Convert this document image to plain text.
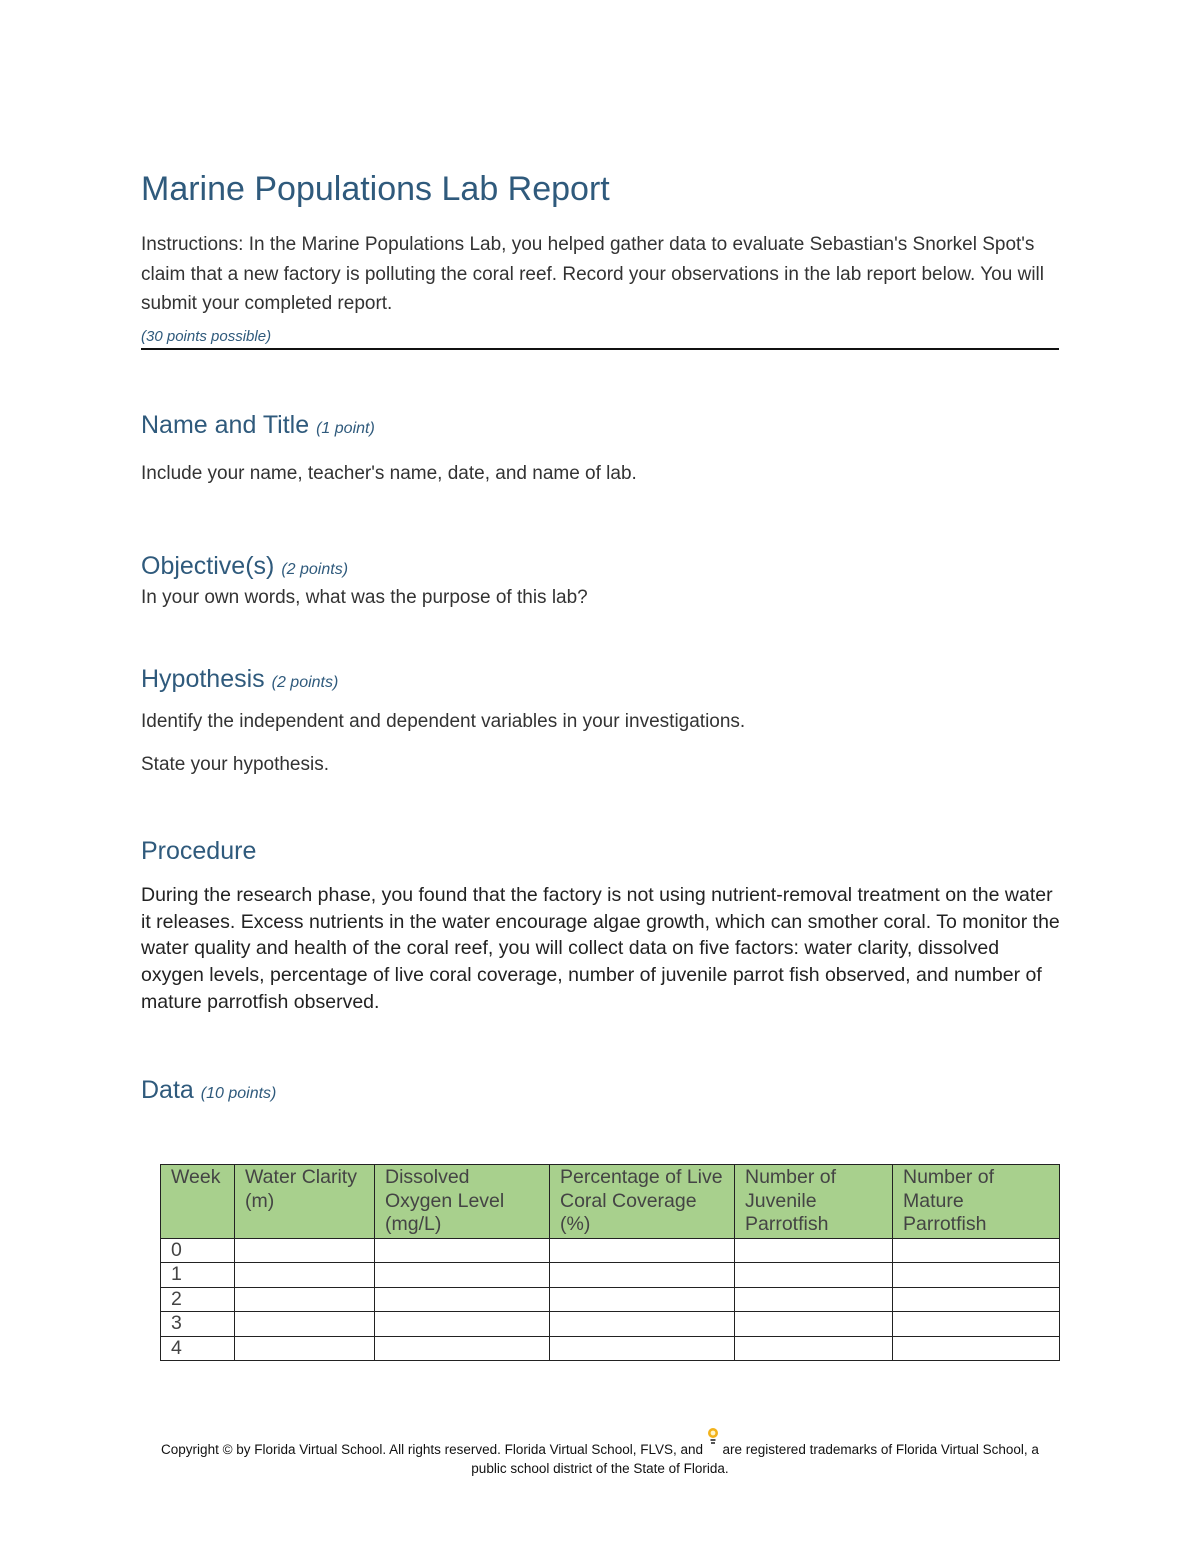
Marine Populations Lab Report

Instructions: In the Marine Populations Lab, you helped gather data to evaluate Sebastian's Snorkel Spot's claim that a new factory is polluting the coral reef. Record your observations in the lab report below. You will submit your completed report.

(30 points possible)
Name and Title (1 point)

Include your name, teacher's name, date, and name of lab.

Objective(s) (2 points)

In your own words, what was the purpose of this lab?

Hypothesis (2 points)

Identify the independent and dependent variables in your investigations.

State your hypothesis.

Procedure

During the research phase, you found that the factory is not using nutrient-removal treatment on the water it releases. Excess nutrients in the water encourage algae growth, which can smother coral. To monitor the water quality and health of the coral reef, you will collect data on five factors: water clarity, dissolved oxygen levels, percentage of live coral coverage, number of juvenile parrot fish observed, and number of mature parrotfish observed.

Data (10 points)
Week	Water Clarity (m)	Dissolved Oxygen Level (mg/L)	Percentage of Live Coral Coverage (%)	Number of Juvenile Parrotfish	Number of Mature Parrotfish
0					
1					
2					
3					
4					
Copyright © by Florida Virtual School. All rights reserved. Florida Virtual School, FLVS, and are registered trademarks of Florida Virtual School, a public school district of the State of Florida.
